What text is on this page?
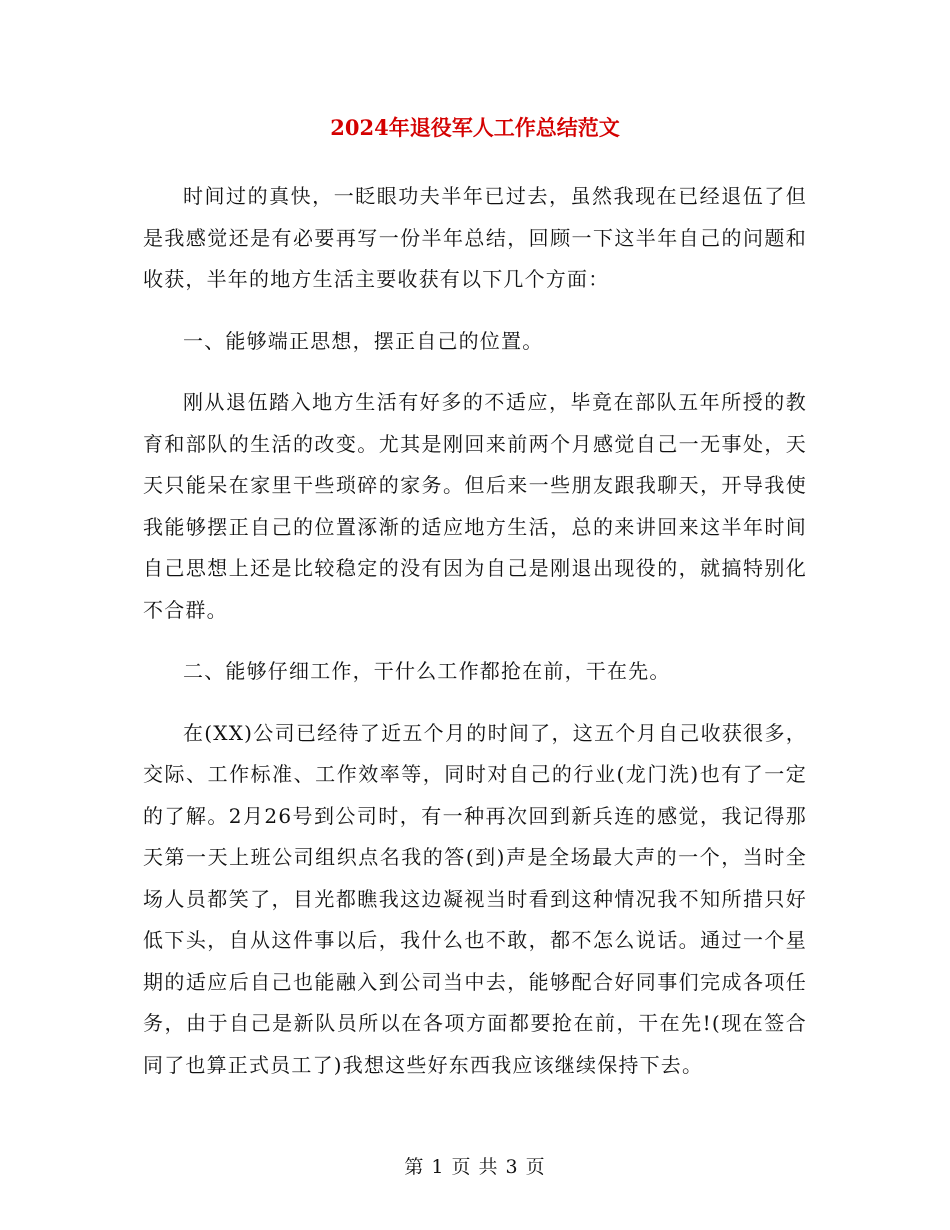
2024年退役军人工作总结范文

时间过的真快，一眨眼功夫半年已过去，虽然我现在已经退伍了但是我感觉还是有必要再写一份半年总结，回顾一下这半年自己的问题和收获，半年的地方生活主要收获有以下几个方面：

一、能够端正思想，摆正自己的位置。

刚从退伍踏入地方生活有好多的不适应，毕竟在部队五年所授的教育和部队的生活的改变。尤其是刚回来前两个月感觉自己一无事处，天天只能呆在家里干些琐碎的家务。但后来一些朋友跟我聊天，开导我使我能够摆正自己的位置涿渐的适应地方生活，总的来讲回来这半年时间自己思想上还是比较稳定的没有因为自己是刚退出现役的，就搞特别化不合群。

二、能够仔细工作，干什么工作都抢在前，干在先。

在(XX)公司已经待了近五个月的时间了，这五个月自己收获很多，交际、工作标准、工作效率等，同时对自己的行业(龙门洗)也有了一定的了解。2月26号到公司时，有一种再次回到新兵连的感觉，我记得那天第一天上班公司组织点名我的答(到)声是全场最大声的一个，当时全场人员都笑了，目光都瞧我这边凝视当时看到这种情况我不知所措只好低下头，自从这件事以后，我什么也不敢，都不怎么说话。通过一个星期的适应后自己也能融入到公司当中去，能够配合好同事们完成各项任务，由于自己是新队员所以在各项方面都要抢在前，干在先!(现在签合同了也算正式员工了)我想这些好东西我应该继续保持下去。

第 1 页 共 3 页
